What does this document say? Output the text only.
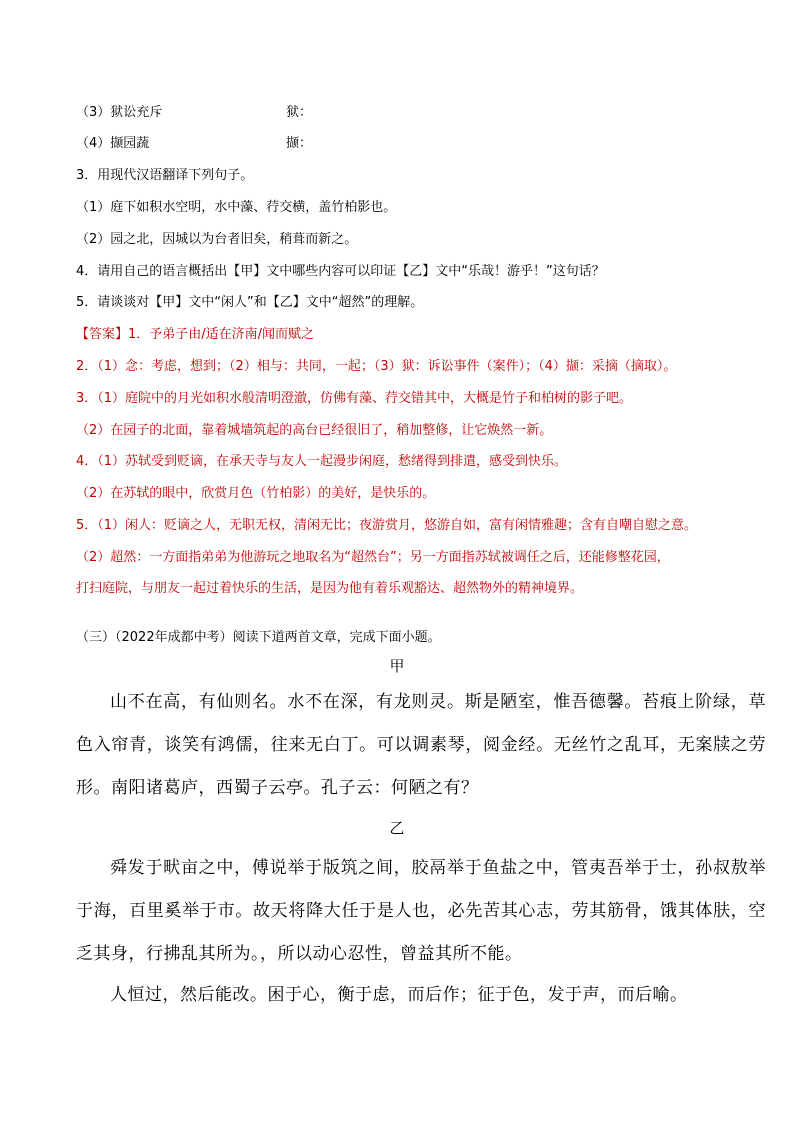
（3）狱讼充斥	狱：
（4）撷园蔬	撷：
3．用现代汉语翻译下列句子。
（1）庭下如积水空明，水中藻、荇交横，盖竹柏影也。
（2）园之北，因城以为台者旧矣，稍葺而新之。
4．请用自己的语言概括出【甲】文中哪些内容可以印证【乙】文中“乐哉！游乎！”这句话？
5．请谈谈对【甲】文中“闲人”和【乙】文中“超然”的理解。
【答案】1．予弟子由/适在济南/闻而赋之
2．（1）念：考虑，想到；（2）相与：共同，一起；（3）狱：诉讼事件（案件）；（4）撷：采摘（摘取）。
3．（1）庭院中的月光如积水般清明澄澈，仿佛有藻、荇交错其中，大概是竹子和柏树的影子吧。
（2）在园子的北面，靠着城墙筑起的高台已经很旧了，稍加整修，让它焕然一新。
4．（1）苏轼受到贬谪，在承天寺与友人一起漫步闲庭，愁绪得到排遣，感受到快乐。
（2）在苏轼的眼中，欣赏月色（竹柏影）的美好，是快乐的。
5．（1）闲人：贬谪之人，无职无权，清闲无比；夜游赏月，悠游自如，富有闲情雅趣；含有自嘲自慰之意。
（2）超然：一方面指弟弟为他游玩之地取名为“超然台”；另一方面指苏轼被调任之后，还能修整花园，
打扫庭院，与朋友一起过着快乐的生活，是因为他有着乐观豁达、超然物外的精神境界。
（三）（2022年成都中考）阅读下道两首文章，完成下面小题。
甲
山不在高，有仙则名。水不在深，有龙则灵。斯是陋室，惟吾德馨。苔痕上阶绿，草色入帘青，谈笑有鸿儒，往来无白丁。可以调素琴，阅金经。无丝竹之乱耳，无案牍之劳形。南阳诸葛庐，西蜀子云亭。孔子云：何陋之有？
乙
舜发于畎亩之中，傅说举于版筑之间，胶鬲举于鱼盐之中，管夷吾举于士，孙叔敖举于海，百里奚举于市。故天将降大任于是人也，必先苦其心志，劳其筋骨，饿其体肤，空乏其身，行拂乱其所为。，所以动心忍性，曾益其所不能。
人恒过，然后能改。困于心，衡于虑，而后作；征于色，发于声，而后喻。
